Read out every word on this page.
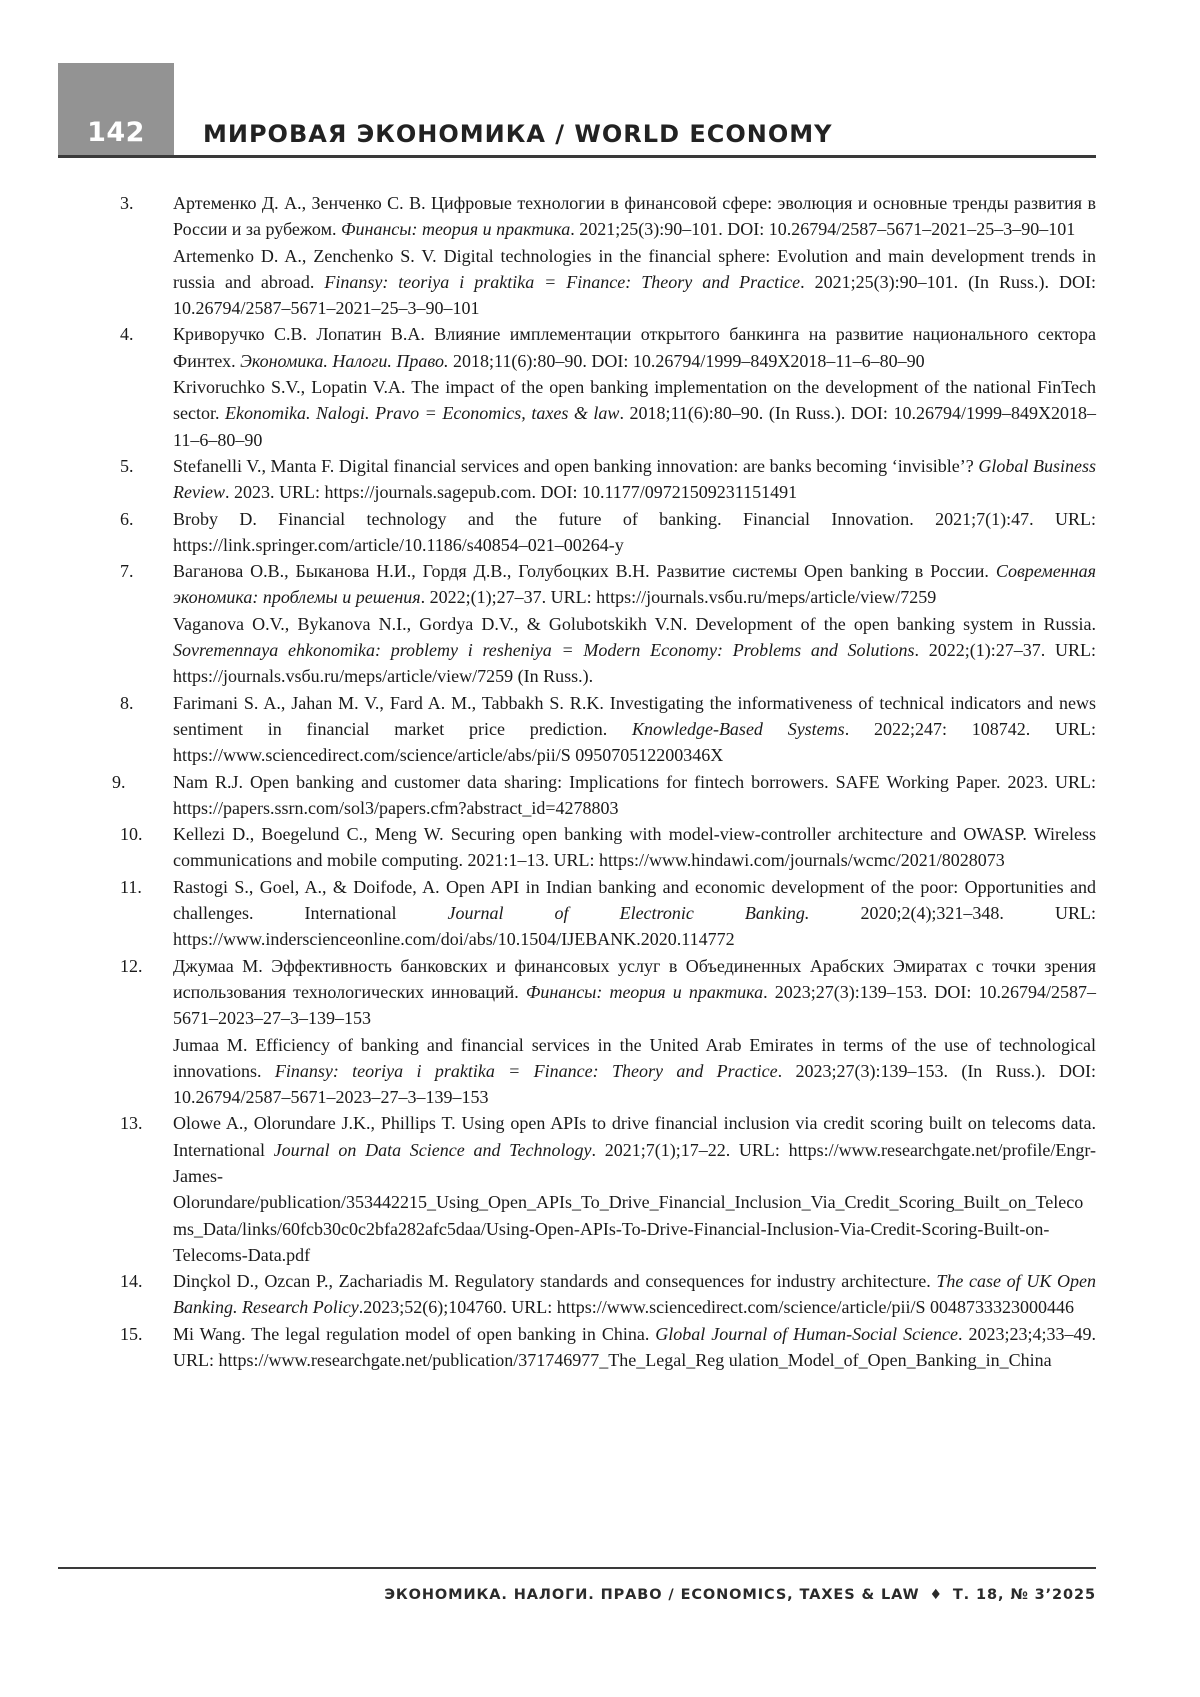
142	МИРОВАЯ ЭКОНОМИКА / WORLD ECONOMY
3. Артеменко Д. А., Зенченко С. В. Цифровые технологии в финансовой сфере: эволюция и основные тренды развития в России и за рубежом. Финансы: теория и практика. 2021;25(3):90–101. DOI: 10.26794/2587–5671–2021–25–3–90–101

Artemenko D. A., Zenchenko S. V. Digital technologies in the financial sphere: Evolution and main development trends in russia and abroad. Finansy: teoriya i praktika = Finance: Theory and Practice. 2021;25(3):90–101. (In Russ.). DOI: 10.26794/2587–5671–2021–25–3–90–101

4. Криворучко С.В. Лопатин В.А. Влияние имплементации открытого банкинга на развитие национального сектора Финтех. Экономика. Налоги. Право. 2018;11(6):80–90. DOI: 10.26794/1999–849X2018–11–6–80–90

Krivoruchko S.V., Lopatin V.A. The impact of the open banking implementation on the development of the national FinTech sector. Ekonomika. Nalogi. Pravo = Economics, taxes & law. 2018;11(6):80–90. (In Russ.). DOI: 10.26794/1999–849X2018–11–6–80–90

5. Stefanelli V., Manta F. Digital financial services and open banking innovation: are banks becoming ‘invisible’? Global Business Review. 2023. URL: https://journals.sagepub.com. DOI: 10.1177/09721509231151491

6. Broby D. Financial technology and the future of banking. Financial Innovation. 2021;7(1):47. URL: https://link.springer.com/article/10.1186/s40854–021–00264-y

7. Ваганова О.В., Быканова Н.И., Гордя Д.В., Голубоцких В.Н. Развитие системы Open banking в России. Современная экономика: проблемы и решения. 2022;(1);27–37. URL: https://journals.vsбu.ru/meps/article/view/7259

Vaganova O.V., Bykanova N.I., Gordya D.V., & Golubotskikh V.N. Development of the open banking system in Russia. Sovremennaya ehkonomika: problemy i resheniya = Modern Economy: Problems and Solutions. 2022;(1):27–37. URL: https://journals.vsбu.ru/meps/article/view/7259 (In Russ.).

8. Farimani S. A., Jahan M. V., Fard A. M., Tabbakh S. R.K. Investigating the informativeness of technical indicators and news sentiment in financial market price prediction. Knowledge-Based Systems. 2022;247: 108742. URL: https://www.sciencedirect.com/science/article/abs/pii/S 095070512200346X

9.	Nam R.J. Open banking and customer data sharing: Implications for fintech borrowers. SAFE Working Paper. 2023. URL: https://papers.ssrn.com/sol3/papers.cfm?abstract_id=4278803

10. Kellezi D., Boegelund C., Meng W. Securing open banking with model-view-controller architecture and OWASP. Wireless communications and mobile computing. 2021:1–13. URL: https://www.hindawi.com/journals/wcmc/2021/8028073

11. Rastogi S., Goel, A., & Doifode, A. Open API in Indian banking and economic development of the poor: Opportunities and challenges. International Journal of Electronic Banking. 2020;2(4);321–348. URL: https://www.inderscienceonline.com/doi/abs/10.1504/IJEBANK.2020.114772

12. Джумаа М. Эффективность банковских и финансовых услуг в Объединенных Арабских Эмиратах с точки зрения использования технологических инноваций. Финансы: теория и практика. 2023;27(3):139–153. DOI: 10.26794/2587–5671–2023–27–3–139–153

Jumaa M. Efficiency of banking and financial services in the United Arab Emirates in terms of the use of technological innovations. Finansy: teoriya i praktika = Finance: Theory and Practice. 2023;27(3):139–153. (In Russ.). DOI: 10.26794/2587–5671–2023–27–3–139–153

13. Olowe A., Olorundare J.K., Phillips T. Using open APIs to drive financial inclusion via credit scoring built on telecoms data. International Journal on Data Science and Technology. 2021;7(1);17–22. URL: https://www.researchgate.net/profile/Engr-James-Olorundare/publication/353442215_Using_Open_APIs_To_Drive_Financial_Inclusion_Via_Credit_Scoring_Built_on_Telecoms_Data/links/60fcb30c0c2bfa282afc5daa/Using-Open-APIs-To-Drive-Financial-Inclusion-Via-Credit-Scoring-Built-on-Telecoms-Data.pdf

14. Dinçkol D., Ozcan P., Zachariadis M. Regulatory standards and consequences for industry architecture. The case of UK Open Banking. Research Policy.2023;52(6);104760. URL: https://www.sciencedirect.com/science/article/pii/S 0048733323000446

15. Mi Wang. The legal regulation model of open banking in China. Global Journal of Human-Social Science. 2023;23;4;33–49. URL: https://www.researchgate.net/publication/371746977_The_Legal_Reg ulation_Model_of_Open_Banking_in_China

ЭКОНОМИКА. НАЛОГИ. ПРАВО / ECONOMICS, TAXES & LAW ♦ Т. 18, № 3’2025
